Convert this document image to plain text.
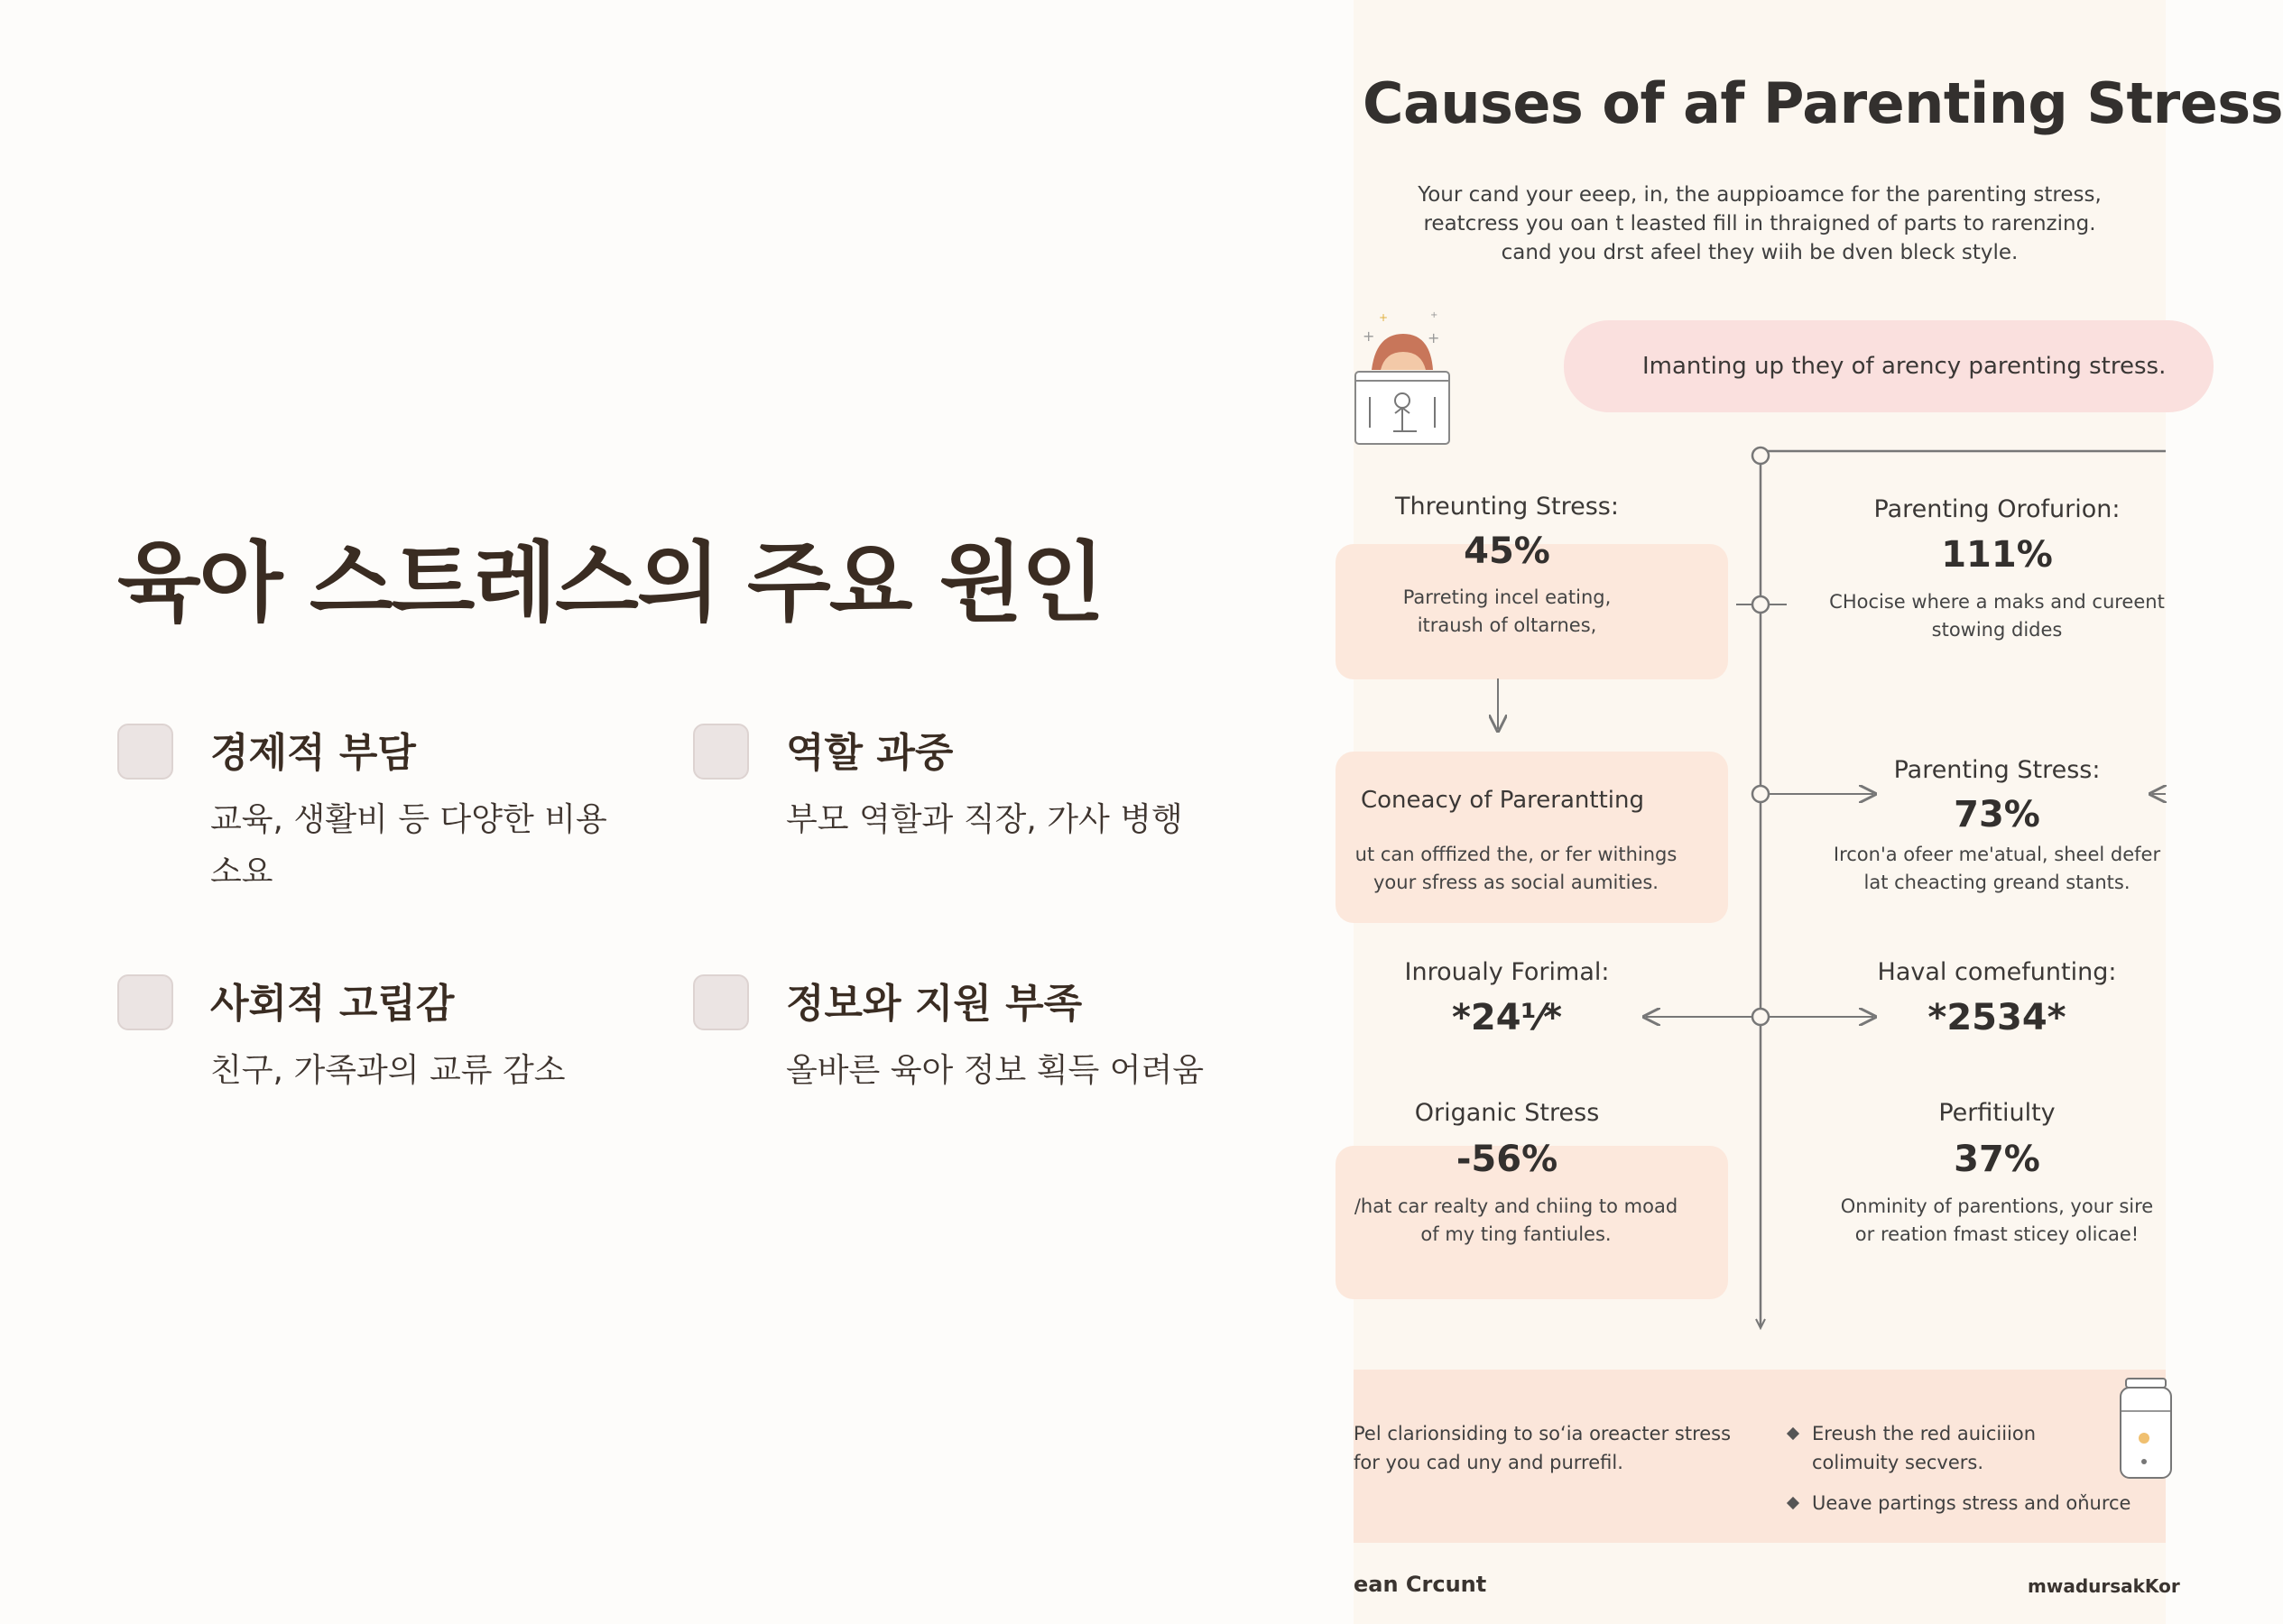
육아 스트레스의 주요 원인
경제적 부담

교육, 생활비 등 다양한 비용 소요

역할 과중

부모 역할과 직장, 가사 병행

사회적 고립감

친구, 가족과의 교류 감소

정보와 지원 부족

올바른 육아 정보 획득 어려움

Causes of af Parenting Stress

Your cand your eeep, in, the auppioamce for the parenting stress,
reatcress you oan t leasted fill in thraigned of parts to rarenzing.
cand you drst afeel they wiih be dven bleck style.

+	+
+	+
Imanting up they of arency parenting stress.
Threunting Stress:
45%
Parreting incel eating,
itraush of oltarnes,
Parenting Orofurion:
111%
CHocise where a maks and cureent
stowing dides
Coneacy of Parerantting
ut can offfized the, or fer withings
your sfress as social aumities.
Parenting Stress:
73%
Ircon'a ofeer me'atual, sheel defer
lat cheacting greand stants.
Inroualy Forimal:
*24⅟*
Haval comefunting:
*2534*
Origanic Stress
-56%
/hat car realty and chiing to moad
of my ting fantiules.
Perfitiulty
37%
Onminity of parentions, your sire
or reation fmast sticey olicae!
Pel clarionsiding to soʻia oreacter stress
for you cad uny and purrefil.
Ereush the red auiciiion
colimuity secvers.
Ueave partings stress and oňurce
ean Crcunt	mwadursakKor
